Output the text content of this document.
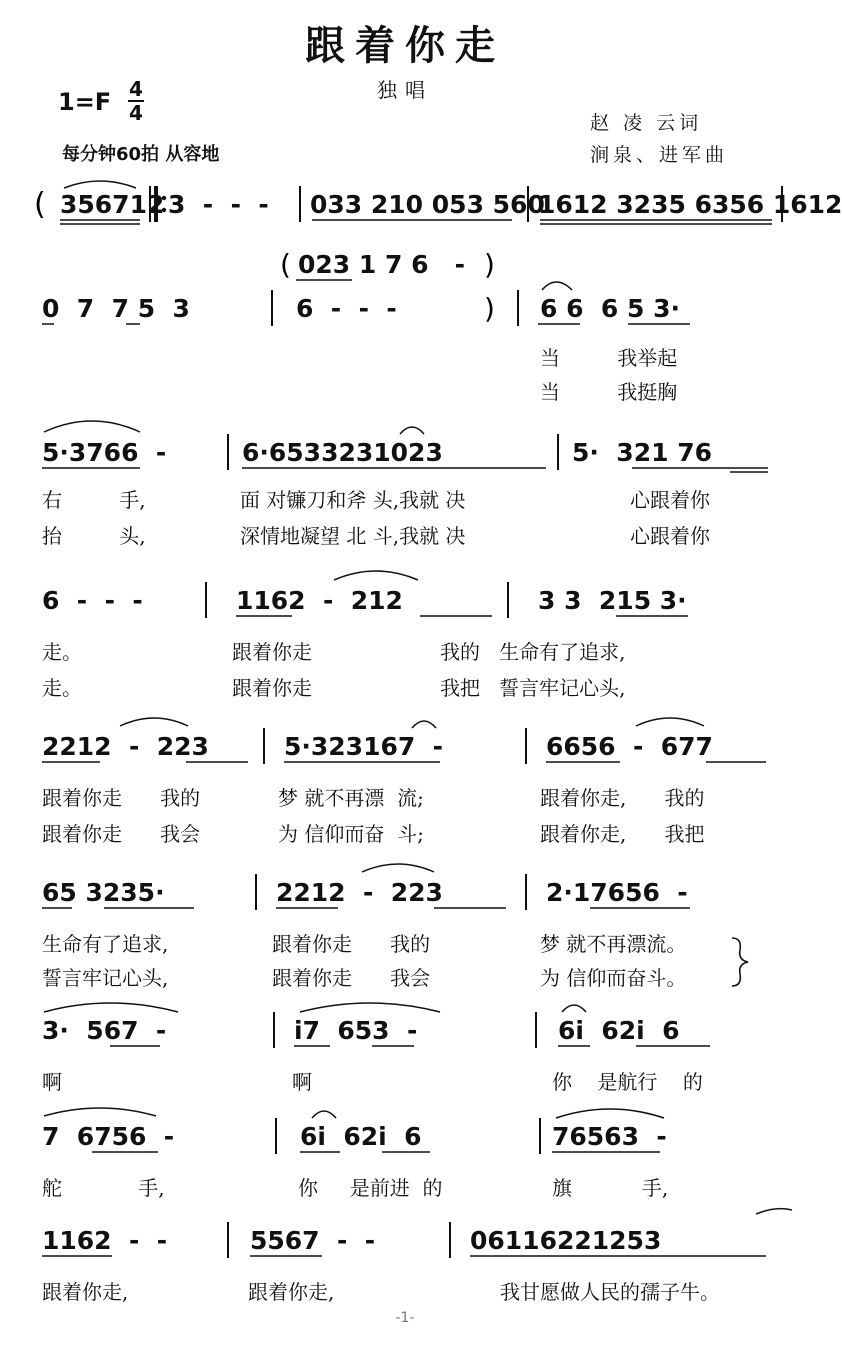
跟着你走
独唱
1=F 4
4
每分钟60拍 从容地
赵 凌 云词
涧泉、进军曲
( 356712 3  -  -  - 033 210 053 560
1612 3235 6356 1612
(	)
023 1 7 6   -
)
0  7  7 5  3	6  -  -  -	6 6  6 5 3·
当         我举起
当         我挺胸
5·3766  -	6·6533231023	5·  321 76
右         手,	面 对镰刀和斧 头,我就 决	心跟着你
抬         头,	深情地凝望 北 斗,我就 决	心跟着你
6  -  -  -	1162  -  212	3 3  215 3·
走。	跟着你走	我的   生命有了追求,
走。	跟着你走	我把   誓言牢记心头,
2212  -  223	5·323167  -	6656  -  677
跟着你走      我的	梦 就不再漂  流;	跟着你走,      我的
跟着你走      我会	为 信仰而奋  斗;	跟着你走,      我把
65 3235·	2212  -  223	2·17656  -
生命有了追求,	跟着你走      我的	梦 就不再漂流。
誓言牢记心头,	跟着你走      我会	为 信仰而奋斗。
3·  567  -	i7  653  -	6i  62i  6
啊	啊	你    是航行    的
7  6756  -	6i  62i  6	76563  -
舵            手,	你     是前进  的	旗           手,
1162  -  -	5567  -  -	06116221253
跟着你走,	跟着你走,	我甘愿做人民的孺子牛。
-1-
